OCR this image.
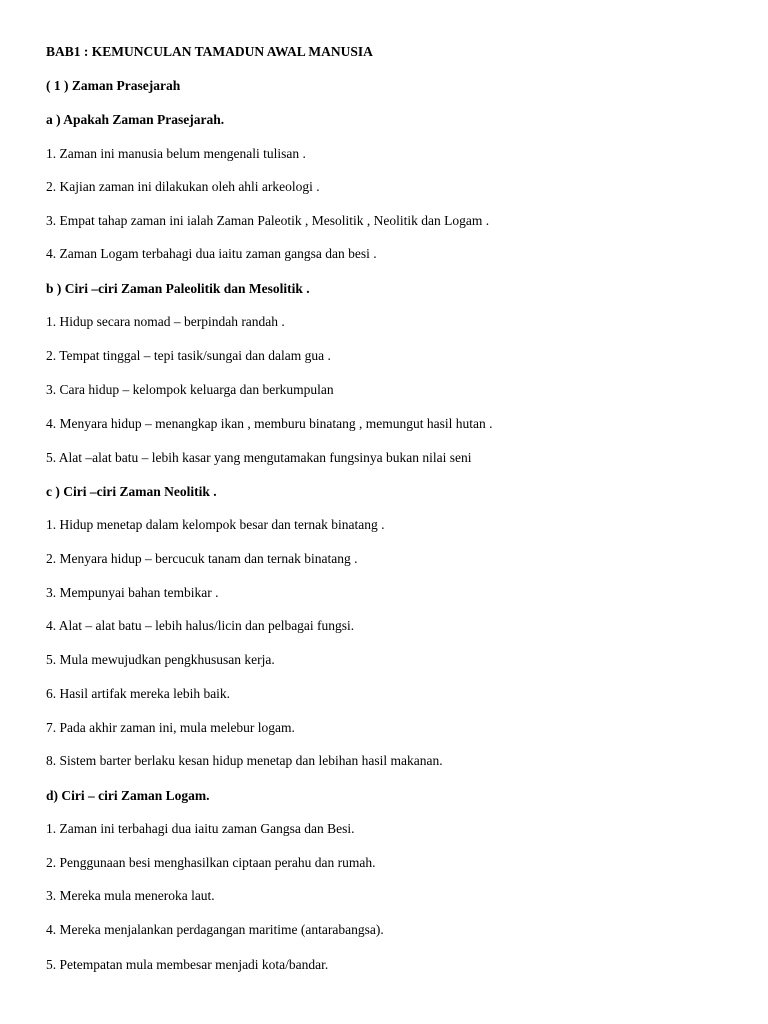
BAB1 : KEMUNCULAN TAMADUN AWAL MANUSIA
( 1 ) Zaman Prasejarah
a ) Apakah Zaman Prasejarah.
1. Zaman ini manusia belum mengenali tulisan .
2. Kajian zaman ini dilakukan oleh ahli arkeologi .
3. Empat tahap zaman ini ialah Zaman Paleotik , Mesolitik , Neolitik dan Logam .
4. Zaman Logam terbahagi dua iaitu zaman gangsa dan besi .
b ) Ciri –ciri Zaman Paleolitik dan Mesolitik .
1. Hidup secara nomad – berpindah randah .
2. Tempat tinggal – tepi tasik/sungai dan dalam gua .
3. Cara hidup – kelompok keluarga dan berkumpulan
4. Menyara hidup – menangkap ikan , memburu binatang , memungut hasil hutan .
5. Alat –alat batu – lebih kasar yang mengutamakan fungsinya bukan nilai seni
c ) Ciri –ciri Zaman Neolitik .
1. Hidup menetap dalam kelompok besar dan ternak binatang .
2. Menyara hidup – bercucuk tanam dan ternak binatang .
3. Mempunyai bahan tembikar .
4. Alat – alat batu – lebih halus/licin dan pelbagai fungsi.
5. Mula mewujudkan pengkhususan kerja.
6. Hasil artifak mereka lebih baik.
7. Pada akhir zaman ini, mula melebur logam.
8. Sistem barter berlaku kesan hidup menetap dan lebihan hasil makanan.
d) Ciri – ciri Zaman Logam.
1. Zaman ini terbahagi dua iaitu zaman Gangsa dan Besi.
2. Penggunaan besi menghasilkan ciptaan perahu dan rumah.
3. Mereka mula meneroka laut.
4. Mereka menjalankan perdagangan maritime (antarabangsa).
5. Petempatan mula membesar menjadi kota/bandar.
